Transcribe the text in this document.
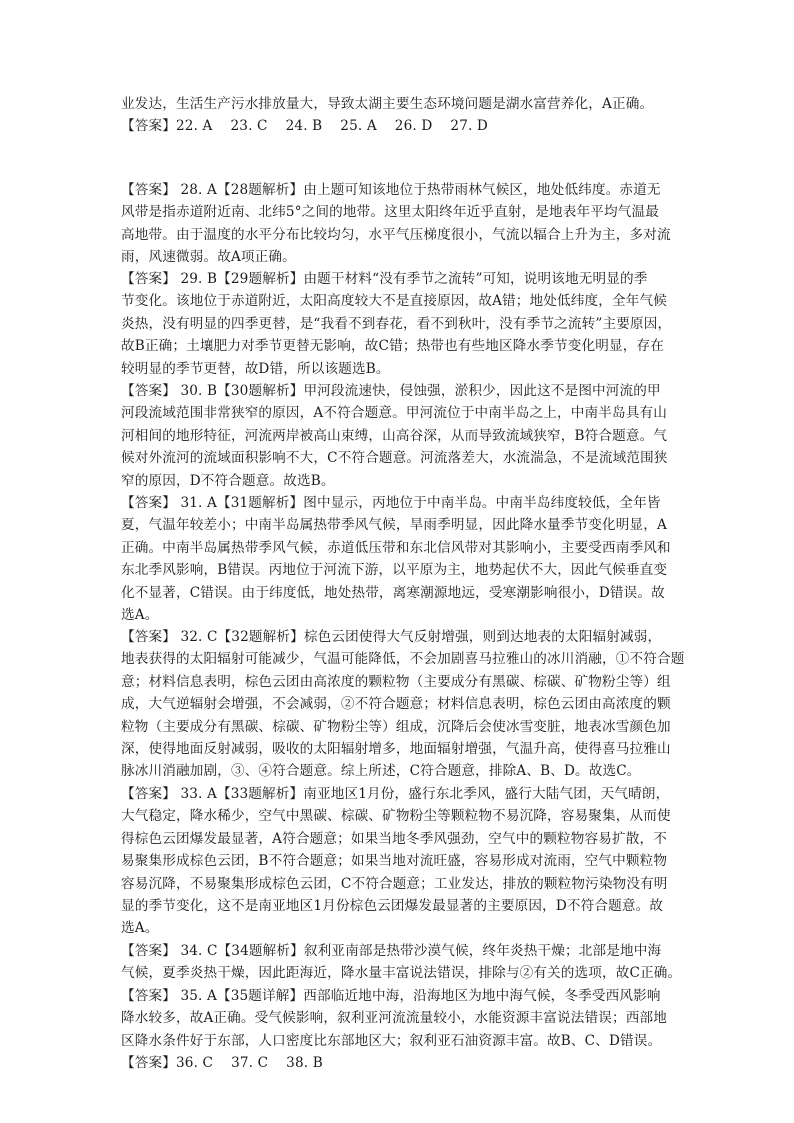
业发达，生活生产污水排放量大，导致太湖主要生态环境问题是湖水富营养化，A正确。
【答案】22. A 23. C 24. B 25. A 26. D 27. D
【答案】 28. A【28题解析】由上题可知该地位于热带雨林气候区，地处低纬度。赤道无
风带是指赤道附近南、北纬5°之间的地带。这里太阳终年近乎直射，是地表年平均气温最
高地带。由于温度的水平分布比较均匀，水平气压梯度很小，气流以辐合上升为主，多对流
雨，风速微弱。故A项正确。
【答案】 29. B【29题解析】由题干材料“没有季节之流转”可知，说明该地无明显的季
节变化。该地位于赤道附近，太阳高度较大不是直接原因，故A错；地处低纬度，全年气候
炎热，没有明显的四季更替，是“我看不到春花，看不到秋叶，没有季节之流转”主要原因，
故B正确；土壤肥力对季节更替无影响，故C错；热带也有些地区降水季节变化明显，存在
较明显的季节更替，故D错，所以该题选B。
【答案】 30. B【30题解析】甲河段流速快，侵蚀强，淤积少，因此这不是图中河流的甲
河段流域范围非常狭窄的原因，A不符合题意。甲河流位于中南半岛之上，中南半岛具有山
河相间的地形特征，河流两岸被高山束缚，山高谷深，从而导致流域狭窄，B符合题意。气
候对外流河的流域面积影响不大，C不符合题意。河流落差大，水流湍急，不是流域范围狭
窄的原因，D不符合题意。故选B。
【答案】 31. A【31题解析】图中显示，丙地位于中南半岛。中南半岛纬度较低，全年皆
夏，气温年较差小；中南半岛属热带季风气候，旱雨季明显，因此降水量季节变化明显，A
正确。中南半岛属热带季风气候，赤道低压带和东北信风带对其影响小，主要受西南季风和
东北季风影响，B错误。丙地位于河流下游，以平原为主，地势起伏不大，因此气候垂直变
化不显著，C错误。由于纬度低，地处热带，离寒潮源地远，受寒潮影响很小，D错误。故
选A。
【答案】 32. C【32题解析】棕色云团使得大气反射增强，则到达地表的太阳辐射减弱，
地表获得的太阳辐射可能减少，气温可能降低，不会加剧喜马拉雅山的冰川消融，①不符合题
意；材料信息表明，棕色云团由高浓度的颗粒物（主要成分有黑碳、棕碳、矿物粉尘等）组
成，大气逆辐射会增强，不会减弱，②不符合题意；材料信息表明，棕色云团由高浓度的颗
粒物（主要成分有黑碳、棕碳、矿物粉尘等）组成，沉降后会使冰雪变脏，地表冰雪颜色加
深，使得地面反射减弱，吸收的太阳辐射增多，地面辐射增强，气温升高，使得喜马拉雅山
脉冰川消融加剧，③、④符合题意。综上所述，C符合题意，排除A、B、D。故选C。
【答案】 33. A【33题解析】南亚地区1月份，盛行东北季风，盛行大陆气团，天气晴朗，
大气稳定，降水稀少，空气中黑碳、棕碳、矿物粉尘等颗粒物不易沉降，容易聚集，从而使
得棕色云团爆发最显著，A符合题意；如果当地冬季风强劲，空气中的颗粒物容易扩散，不
易聚集形成棕色云团，B不符合题意；如果当地对流旺盛，容易形成对流雨，空气中颗粒物
容易沉降，不易聚集形成棕色云团，C不符合题意；工业发达，排放的颗粒物污染物没有明
显的季节变化，这不是南亚地区1月份棕色云团爆发最显著的主要原因，D不符合题意。故
选A。
【答案】 34. C【34题解析】叙利亚南部是热带沙漠气候，终年炎热干燥；北部是地中海
气候，夏季炎热干燥，因此距海近，降水量丰富说法错误，排除与②有关的选项，故C正确。
【答案】 35. A【35题详解】西部临近地中海，沿海地区为地中海气候，冬季受西风影响
降水较多，故A正确。受气候影响，叙利亚河流流量较小，水能资源丰富说法错误；西部地
区降水条件好于东部，人口密度比东部地区大；叙利亚石油资源丰富。故B、C、D错误。
【答案】36. C 37. C 38. B
